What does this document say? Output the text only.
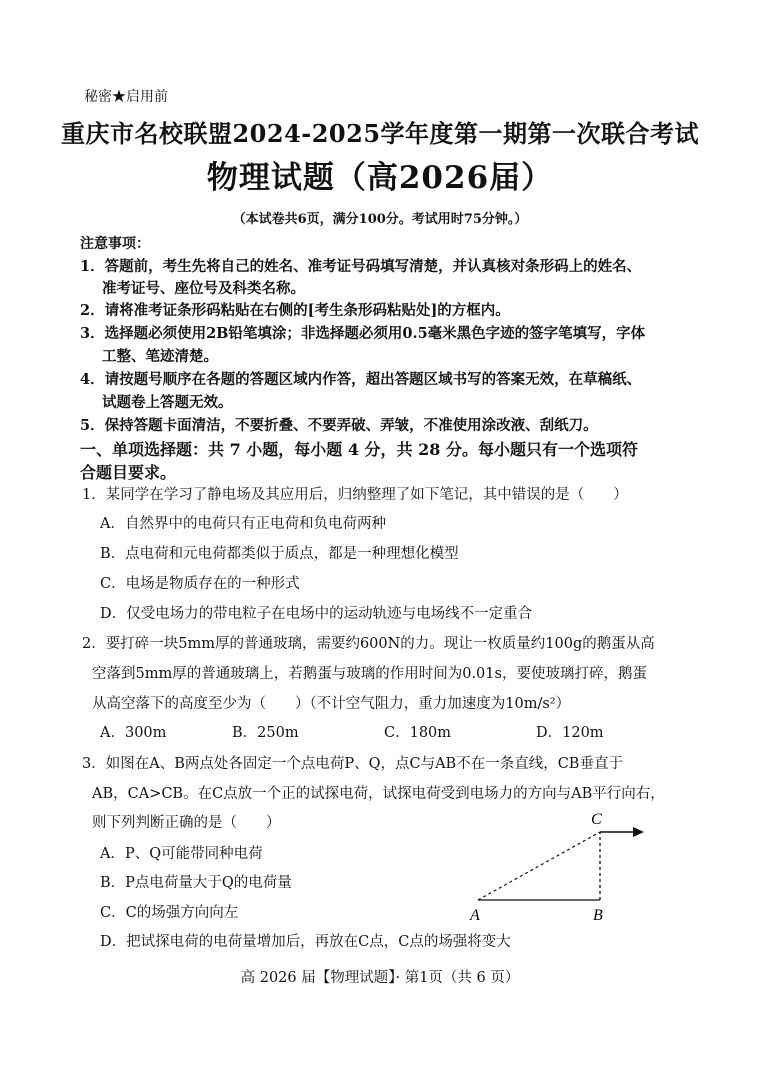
秘密★启用前
重庆市名校联盟2024-2025学年度第一期第一次联合考试
物理试题（高2026届）
（本试卷共6页，满分100分。考试用时75分钟。）
注意事项：
1．答题前，考生先将自己的姓名、准考证号码填写清楚，并认真核对条形码上的姓名、
准考证号、座位号及科类名称。
2．请将准考证条形码粘贴在右侧的[考生条形码粘贴处]的方框内。
3．选择题必须使用2B铅笔填涂；非选择题必须用0.5毫米黑色字迹的签字笔填写，字体
工整、笔迹清楚。
4．请按题号顺序在各题的答题区域内作答，超出答题区域书写的答案无效，在草稿纸、
试题卷上答题无效。
5．保持答题卡面清洁，不要折叠、不要弄破、弄皱，不准使用涂改液、刮纸刀。
一、单项选择题：共 7 小题，每小题 4 分，共 28 分。每小题只有一个选项符
合题目要求。
1．某同学在学习了静电场及其应用后，归纳整理了如下笔记，其中错误的是（　　）
A．自然界中的电荷只有正电荷和负电荷两种
B．点电荷和元电荷都类似于质点，都是一种理想化模型
C．电场是物质存在的一种形式
D．仅受电场力的带电粒子在电场中的运动轨迹与电场线不一定重合
2．要打碎一块5mm厚的普通玻璃，需要约600N的力。现让一枚质量约100g的鹅蛋从高
空落到5mm厚的普通玻璃上，若鹅蛋与玻璃的作用时间为0.01s，要使玻璃打碎，鹅蛋
从高空落下的高度至少为（　　）（不计空气阻力，重力加速度为10m/s²）
A．300m	B．250m	C．180m	D．120m
3．如图在A、B两点处各固定一个点电荷P、Q，点C与AB不在一条直线，CB垂直于
AB，CA>CB。在C点放一个正的试探电荷，试探电荷受到电场力的方向与AB平行向右，
则下列判断正确的是（　　）
A．P、Q可能带同种电荷
B．P点电荷量大于Q的电荷量
C．C的场强方向向左
D．把试探电荷的电荷量增加后，再放在C点，C点的场强将变大
A	B
C
高 2026 届【物理试题】· 第1页（共 6 页）
